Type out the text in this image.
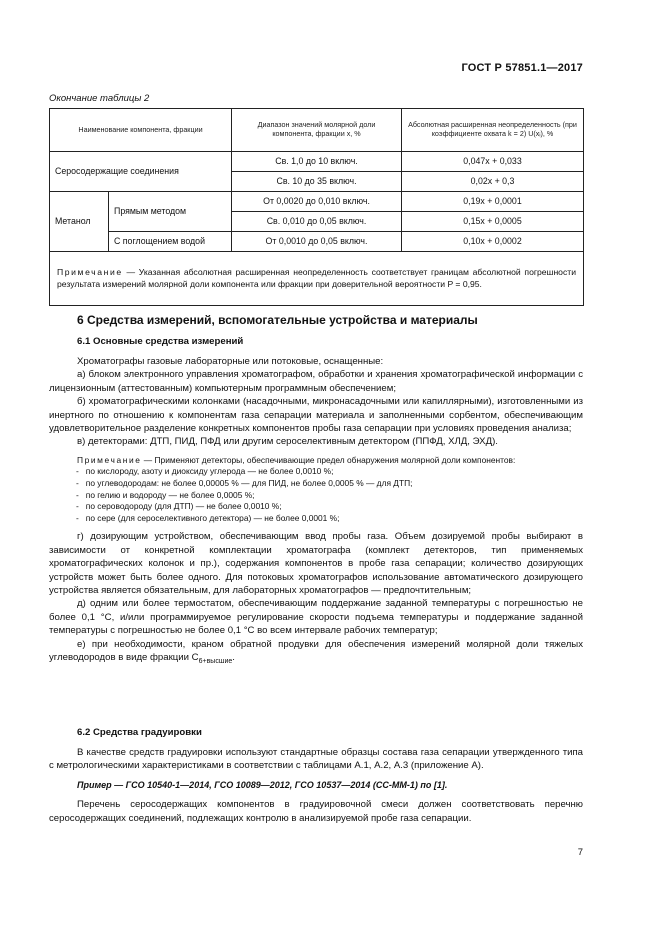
ГОСТ Р 57851.1—2017
Окончание таблицы 2
Наименование компонента, фракции		Диапазон значений молярной доли компонента, фракции x, %	Абсолютная расширенная неопределенность (при коэффициенте охвата k = 2) U(xᵢ), %
Серосодержащие соединения		Св. 1,0 до 10 включ.	0,047x + 0,033
		Св. 10 до 35 включ.	0,02x + 0,3
Метанол	Прямым методом	От 0,0020 до 0,010 включ.	0,19x + 0,0001
		Св. 0,010 до 0,05 включ.	0,15x + 0,0005
	С поглощением водой	От 0,0010 до 0,05 включ.	0,10x + 0,0002
Примечание — Указанная абсолютная расширенная неопределенность соответствует границам абсолютной погрешности результата измерений молярной доли компонента или фракции при доверительной вероятности P = 0,95.			
6 Средства измерений, вспомогательные устройства и материалы
6.1 Основные средства измерений

Хроматографы газовые лабораторные или потоковые, оснащенные:

а) блоком электронного управления хроматографом, обработки и хранения хроматографической информации с лицензионным (аттестованным) компьютерным программным обеспечением;

б) хроматографическими колонками (насадочными, микронасадочными или капиллярными), изготовленными из инертного по отношению к компонентам газа сепарации материала и заполненными сорбентом, обеспечивающим удовлетворительное разделение конкретных компонентов пробы газа сепарации при условиях проведения анализа;

в) детекторами: ДТП, ПИД, ПФД или другим сероселективным детектором (ППФД, ХЛД, ЭХД).

Примечание — Применяют детекторы, обеспечивающие предел обнаружения молярной доли компонентов:

-   по кислороду, азоту и диоксиду углерода — не более 0,0010 %;

-   по углеводородам: не более 0,00005 % — для ПИД, не более 0,0005 % — для ДТП;

-   по гелию и водороду — не более 0,0005 %;

-   по сероводороду (для ДТП) — не более 0,0010 %;

-   по сере (для сероселективного детектора) — не более 0,0001 %;

г) дозирующим устройством, обеспечивающим ввод пробы газа. Объем дозируемой пробы выбирают в зависимости от конкретной комплектации хроматографа (комплект детекторов, тип применяемых хроматографических колонок и пр.), содержания компонентов в пробе газа сепарации; количество дозирующих устройств может быть более одного. Для потоковых хроматографов использование автоматического дозирующего устройства является обязательным, для лабораторных хроматографов — предпочтительным;

д) одним или более термостатом, обеспечивающим поддержание заданной температуры с погрешностью не более 0,1 °С, и/или программируемое регулирование скорости подъема температуры и поддержание заданной температуры с погрешностью не более 0,1 °С во всем интервале рабочих температур;

е) при необходимости, краном обратной продувки для обеспечения измерений молярной доли тяжелых углеводородов в виде фракции $С_{6+высшие}$.

6.2 Средства градуировки

В качестве средств градуировки используют стандартные образцы состава газа сепарации утвержденного типа с метрологическими характеристиками в соответствии с таблицами А.1, А.2, А.3 (приложение А).

Пример — ГСО 10540-1—2014, ГСО 10089—2012, ГСО 10537—2014 (СС-ММ-1) по [1].

Перечень серосодержащих компонентов в градуировочной смеси должен соответствовать перечню серосодержащих соединений, подлежащих контролю в анализируемой пробе газа сепарации.

7
